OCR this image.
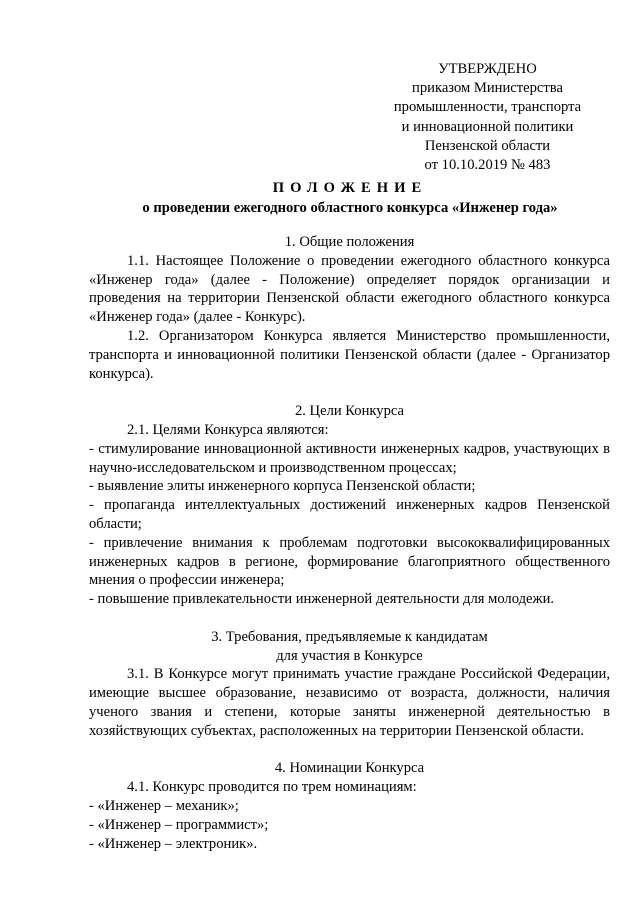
УТВЕРЖДЕНО
приказом Министерства
промышленности, транспорта
и инновационной политики
Пензенской области
от 10.10.2019 № 483
ПОЛОЖЕНИЕ
о проведении ежегодного областного конкурса «Инженер года»
1. Общие положения

1.1. Настоящее Положение о проведении ежегодного областного конкурса «Инженер года» (далее - Положение) определяет порядок организации и проведения на территории Пензенской области ежегодного областного конкурса «Инженер года» (далее - Конкурс).

1.2. Организатором Конкурса является Министерство промышленности, транспорта и инновационной политики Пензенской области (далее - Организатор конкурса).

2. Цели Конкурса

2.1. Целями Конкурса являются:

- стимулирование инновационной активности инженерных кадров, участвующих в научно-исследовательском и производственном процессах;

- выявление элиты инженерного корпуса Пензенской области;

- пропаганда интеллектуальных достижений инженерных кадров Пензенской области;

- привлечение внимания к проблемам подготовки высококвалифицированных инженерных кадров в регионе, формирование благоприятного общественного мнения о профессии инженера;

- повышение привлекательности инженерной деятельности для молодежи.

3. Требования, предъявляемые к кандидатам
для участия в Конкурсе

3.1. В Конкурсе могут принимать участие граждане Российской Федерации, имеющие высшее образование, независимо от возраста, должности, наличия ученого звания и степени, которые заняты инженерной деятельностью в хозяйствующих субъектах, расположенных на территории Пензенской области.

4. Номинации Конкурса

4.1. Конкурс проводится по трем номинациям:

- «Инженер – механик»;

- «Инженер – программист»;

- «Инженер – электроник».
